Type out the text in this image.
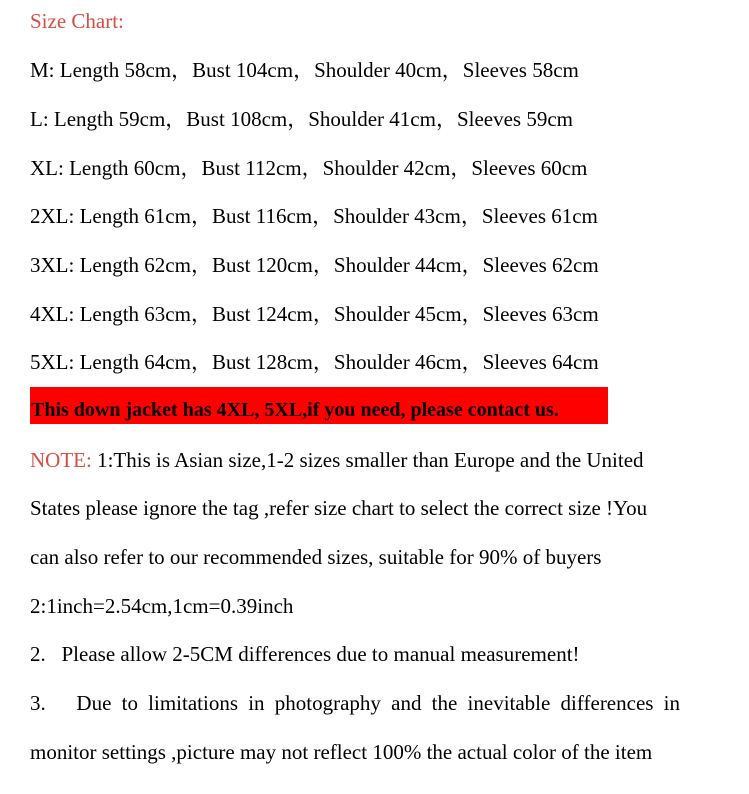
Size Chart:
M: Length 58cm，Bust 104cm，Shoulder 40cm，Sleeves 58cm
L: Length 59cm，Bust 108cm，Shoulder 41cm，Sleeves 59cm
XL: Length 60cm，Bust 112cm，Shoulder 42cm，Sleeves 60cm
2XL: Length 61cm，Bust 116cm，Shoulder 43cm，Sleeves 61cm
3XL: Length 62cm，Bust 120cm，Shoulder 44cm，Sleeves 62cm
4XL: Length 63cm，Bust 124cm，Shoulder 45cm，Sleeves 63cm
5XL: Length 64cm，Bust 128cm，Shoulder 46cm，Sleeves 64cm
This down jacket has 4XL, 5XL,if you need, please contact us.
NOTE: 1:This is Asian size,1-2 sizes smaller than Europe and the United
States please ignore the tag ,refer size chart to select the correct size !You
can also refer to our recommended sizes, suitable for 90% of buyers
2:1inch=2.54cm,1cm=0.39inch
2.   Please allow 2-5CM differences due to manual measurement!
3.   Due to limitations in photography and the inevitable differences in
monitor settings ,picture may not reflect 100% the actual color of the item
